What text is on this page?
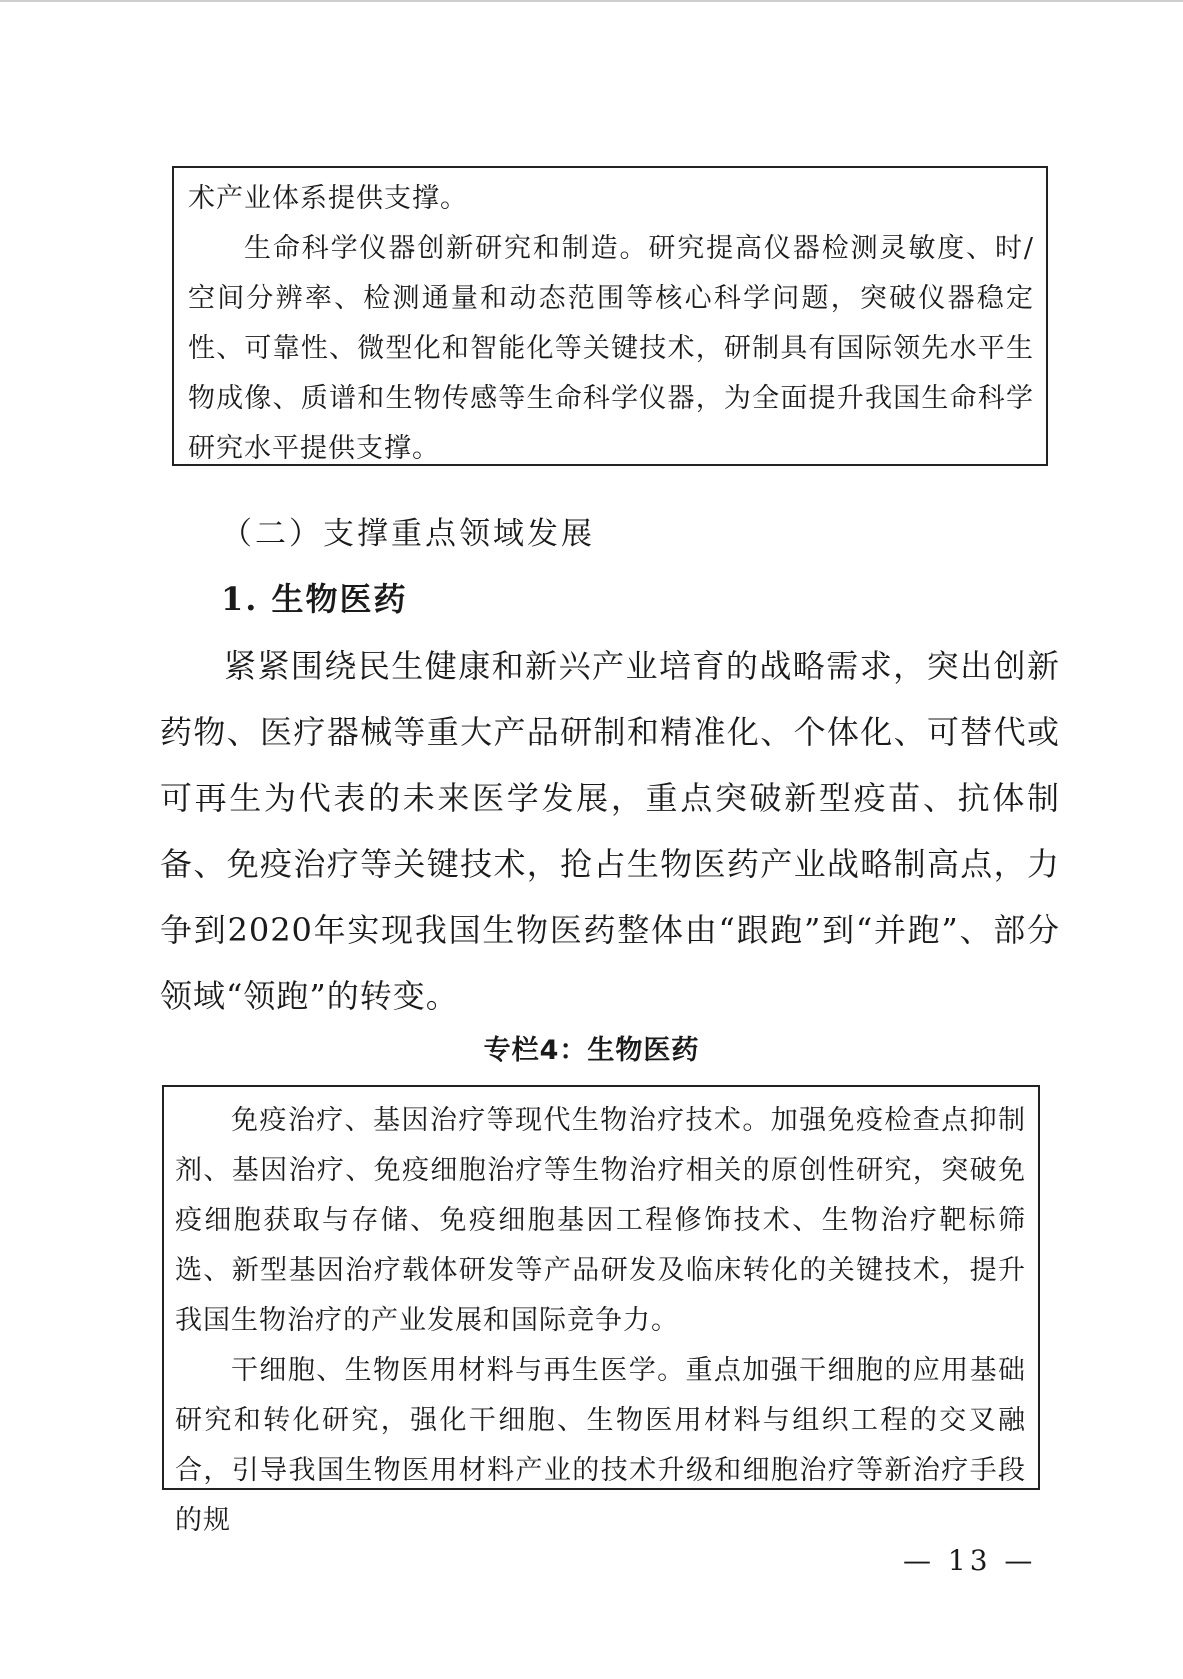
术产业体系提供支撑。

生命科学仪器创新研究和制造。研究提高仪器检测灵敏度、时/空间分辨率、检测通量和动态范围等核心科学问题，突破仪器稳定性、可靠性、微型化和智能化等关键技术，研制具有国际领先水平生物成像、质谱和生物传感等生命科学仪器，为全面提升我国生命科学研究水平提供支撑。

（二）支撑重点领域发展
1. 生物医药

紧紧围绕民生健康和新兴产业培育的战略需求，突出创新药物、医疗器械等重大产品研制和精准化、个体化、可替代或可再生为代表的未来医学发展，重点突破新型疫苗、抗体制备、免疫治疗等关键技术，抢占生物医药产业战略制高点，力争到2020年实现我国生物医药整体由“跟跑”到“并跑”、部分领域“领跑”的转变。

专栏4：生物医药

免疫治疗、基因治疗等现代生物治疗技术。加强免疫检查点抑制剂、基因治疗、免疫细胞治疗等生物治疗相关的原创性研究，突破免疫细胞获取与存储、免疫细胞基因工程修饰技术、生物治疗靶标筛选、新型基因治疗载体研发等产品研发及临床转化的关键技术，提升我国生物治疗的产业发展和国际竞争力。

干细胞、生物医用材料与再生医学。重点加强干细胞的应用基础研究和转化研究，强化干细胞、生物医用材料与组织工程的交叉融合，引导我国生物医用材料产业的技术升级和细胞治疗等新治疗手段的规

— 13 —
